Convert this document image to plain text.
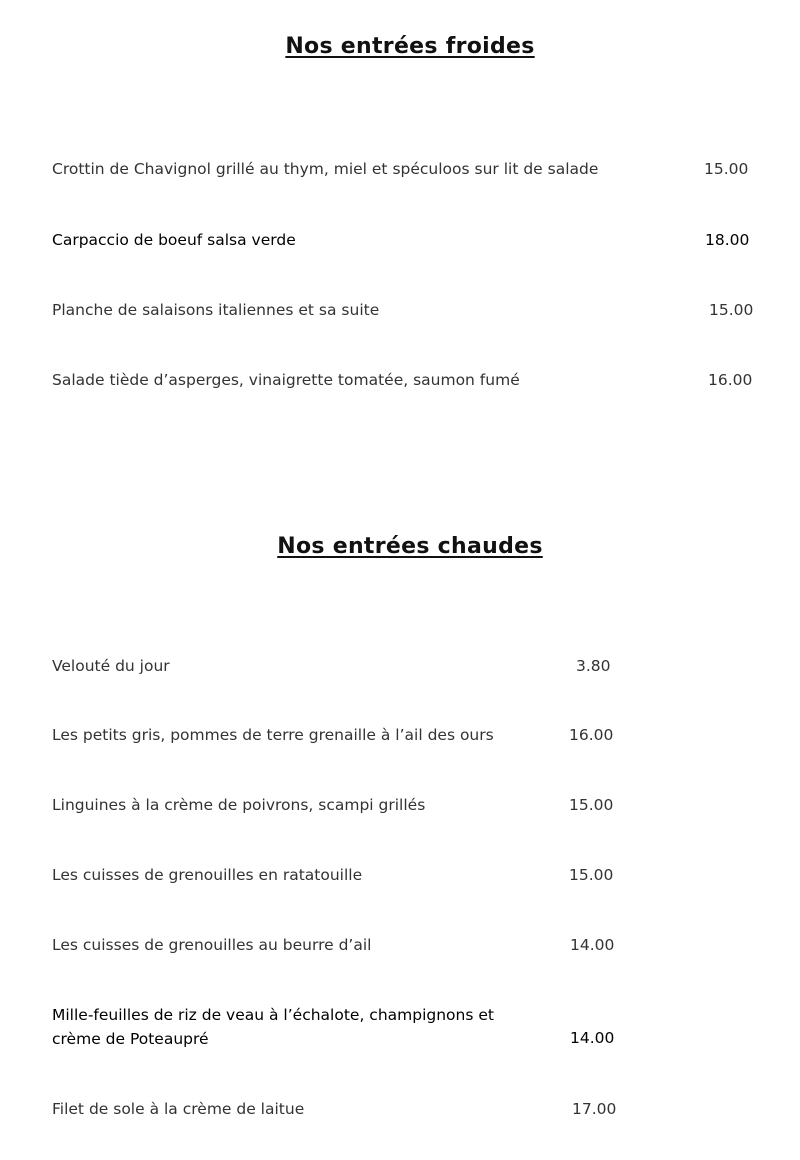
Nos entrées froides
Crottin de Chavignol grillé au thym, miel et spéculoos sur lit de salade	15.00
Carpaccio de boeuf salsa verde	18.00
Planche de salaisons italiennes et sa suite	15.00
Salade tiède d’asperges, vinaigrette tomatée, saumon fumé	16.00
Nos entrées chaudes
Velouté du jour	3.80
Les petits gris, pommes de terre grenaille à l’ail des ours	16.00
Linguines à la crème de poivrons, scampi grillés	15.00
Les cuisses de grenouilles en ratatouille	15.00
Les cuisses de grenouilles au beurre d’ail	14.00
Mille-feuilles de riz de veau à l’échalote, champignons et
crème de Poteaupré	14.00
Filet de sole à la crème de laitue	17.00
